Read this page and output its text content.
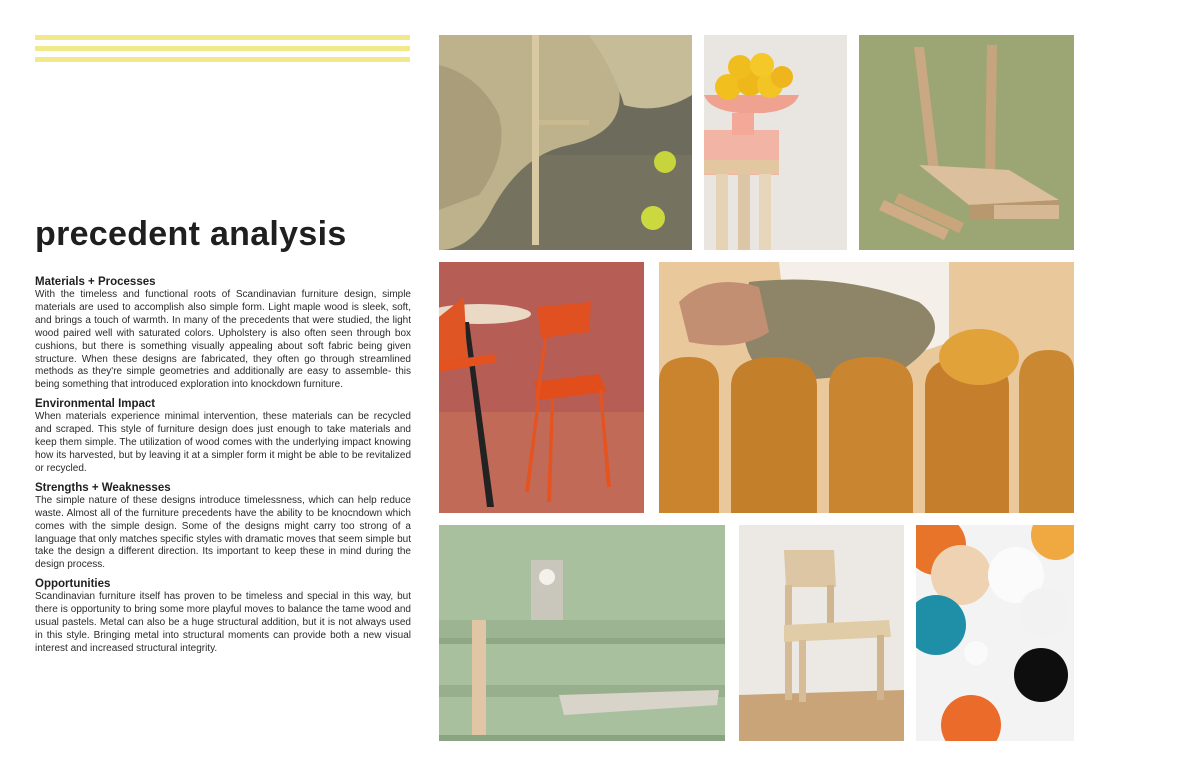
precedent analysis
Materials + Processes

With the timeless and functional roots of Scandinavian furniture design, simple materials are used to accomplish also simple form. Light maple wood is sleek, soft, and brings a touch of warmth. In many of the precedents that were studied, the light wood paired well with saturated colors. Upholstery is also often seen through box cushions, but there is something visually appealing about soft fabric being given structure. When these designs are fabricated, they often go through streamlined methods as they're simple geometries and additionally are easy to assemble- this being something that introduced exploration into knockdown furniture.

Environmental Impact

When materials experience minimal intervention, these materials can be recycled and scraped. This style of furniture design does just enough to take materials and keep them simple. The utilization of wood comes with the underlying impact knowing how its harvested, but by leaving it at a simpler form it might be able to be revitalized or recycled.

Strengths + Weaknesses

The simple nature of these designs introduce timelessness, which can help reduce waste. Almost all of the furniture precedents have the ability to be knocndown which comes with the simple design. Some of the designs might carry too strong of a language that only matches specific styles with dramatic moves that seem simple but take the design a different direction. Its important to keep these in mind during the design process.

Opportunities

Scandinavian furniture itself has proven to be timeless and special in this way, but there is opportunity to bring some more playful moves to balance the tame wood and usual pastels. Metal can also be a huge structural addition, but it is not always used in this style. Bringing metal into structural moments can provide both a new visual interest and increased structural integrity.
